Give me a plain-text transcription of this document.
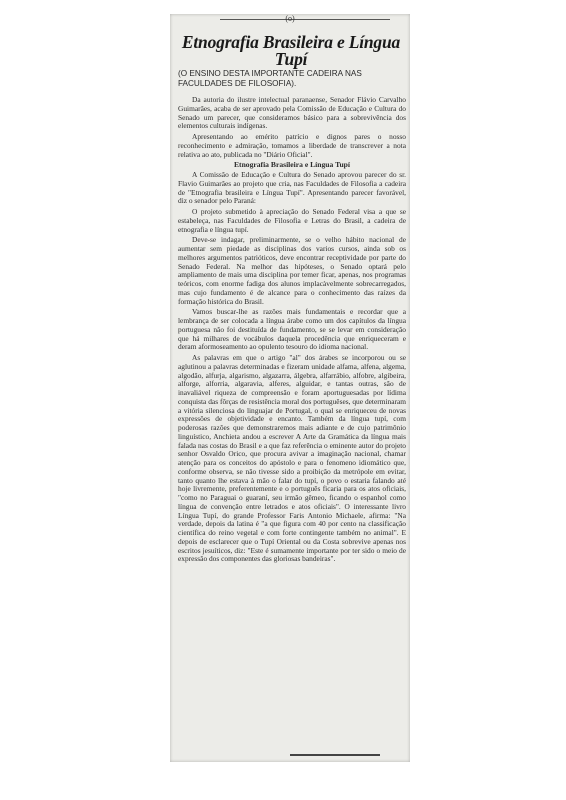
(o)
Etnografia Brasileira e Língua Tupí
(O ENSINO DESTA IMPORTANTE CADEIRA NAS FACULDADES DE FILOSOFIA).

Da autoria do ilustre intelectual paranaense, Senador Flávio Carvalho Guimarães, acaba de ser aprovado pela Comissão de Educação e Cultura do Senado um parecer, que consideramos básico para a sobrevivência dos elementos culturais indígenas.

Apresentando ao emérito patrício e dignos pares o nosso reconhecimento e admiração, tomamos a liberdade de transcrever a nota relativa ao ato, publicada no "Diário Oficial".

Etnografia Brasileira e Língua Tupí

A Comissão de Educação e Cultura do Senado aprovou parecer do sr. Flavio Guimarães ao projeto que cria, nas Faculdades de Filosofia a cadeira de "Etnografia brasileira e Língua Tupí". Apresentando parecer favorável, diz o senador pelo Paraná:

O projeto submetido à apreciação do Senado Federal visa a que se estabeleça, nas Faculdades de Filosofia e Letras do Brasil, a cadeira de etnografia e língua tupí.

Deve-se indagar, preliminarmente, se o velho hábito nacional de aumentar sem piedade as disciplinas dos varios cursos, ainda sob os melhores argumentos patrióticos, deve encontrar receptividade por parte do Senado Federal. Na melhor das hipóteses, o Senado optará pelo ampliamento de mais uma disciplina por temer ficar, apenas, nos programas teóricos, com enorme fadiga dos alunos implacàvelmente sobrecarregados, mas cujo fundamento é de alcance para o conhecimento das raízes da formação histórica do Brasil.

Vamos buscar-lhe as razões mais fundamentais e recordar que a lembrança de ser colocada a língua árabe como um dos capítulos da língua portuguesa não foi destituída de fundamento, se se levar em consideração que há milhares de vocábulos daquela procedência que enriqueceram e deram aformoseamento ao opulento tesouro do idioma nacional.

As palavras em que o artigo "al" dos árabes se incorporou ou se aglutinou a palavras determinadas e fizeram unidade alfama, alfena, algema, algodão, alfurja, algarismo, algazarra, álgebra, alfarrábio, alfobre, algibeira, alforge, alforria, algaravia, alferes, alguidar, e tantas outras, são de inavaliável riqueza de compreensão e foram aportuguesadas por lídima conquista das fôrças de resistência moral dos portuguêses, que determinaram a vitória silenciosa do linguajar de Portugal, o qual se enriqueceu de novas expressões de objetividade e encanto. Também da língua tupí, com poderosas razões que demonstraremos mais adiante e de cujo patrimônio linguístico, Anchieta andou a escrever A Arte da Gramática da língua mais falada nas costas do Brasil e a que faz referência o eminente autor do projeto senhor Osvaldo Orico, que procura avivar a imaginação nacional, chamar atenção para os conceitos do apóstolo e para o fenomeno idiomático que, conforme observa, se não tivesse sido a proibição da metrópole em evitar, tanto quanto lhe estava à mão o falar do tupí, o povo o estaria falando até hoje livremente, preferentemente e o português ficaria para os atos oficiais, "como no Paraguai o guaraní, seu irmão gêmeo, ficando o espanhol como língua de convenção entre letrados e atos oficiais". O interessante livro Língua Tupí, do grande Professor Faris Antonio Michaele, afirma: "Na verdade, depois da latina é "a que figura com 40 por cento na classificação científica do reino vegetal e com forte contingente também no animal". E depois de esclarecer que o Tupí Oriental ou da Costa sobrevive apenas nos escritos jesuíticos, diz: "Este é sumamente importante por ter sido o meio de expressão dos componentes das gloriosas bandeiras".
